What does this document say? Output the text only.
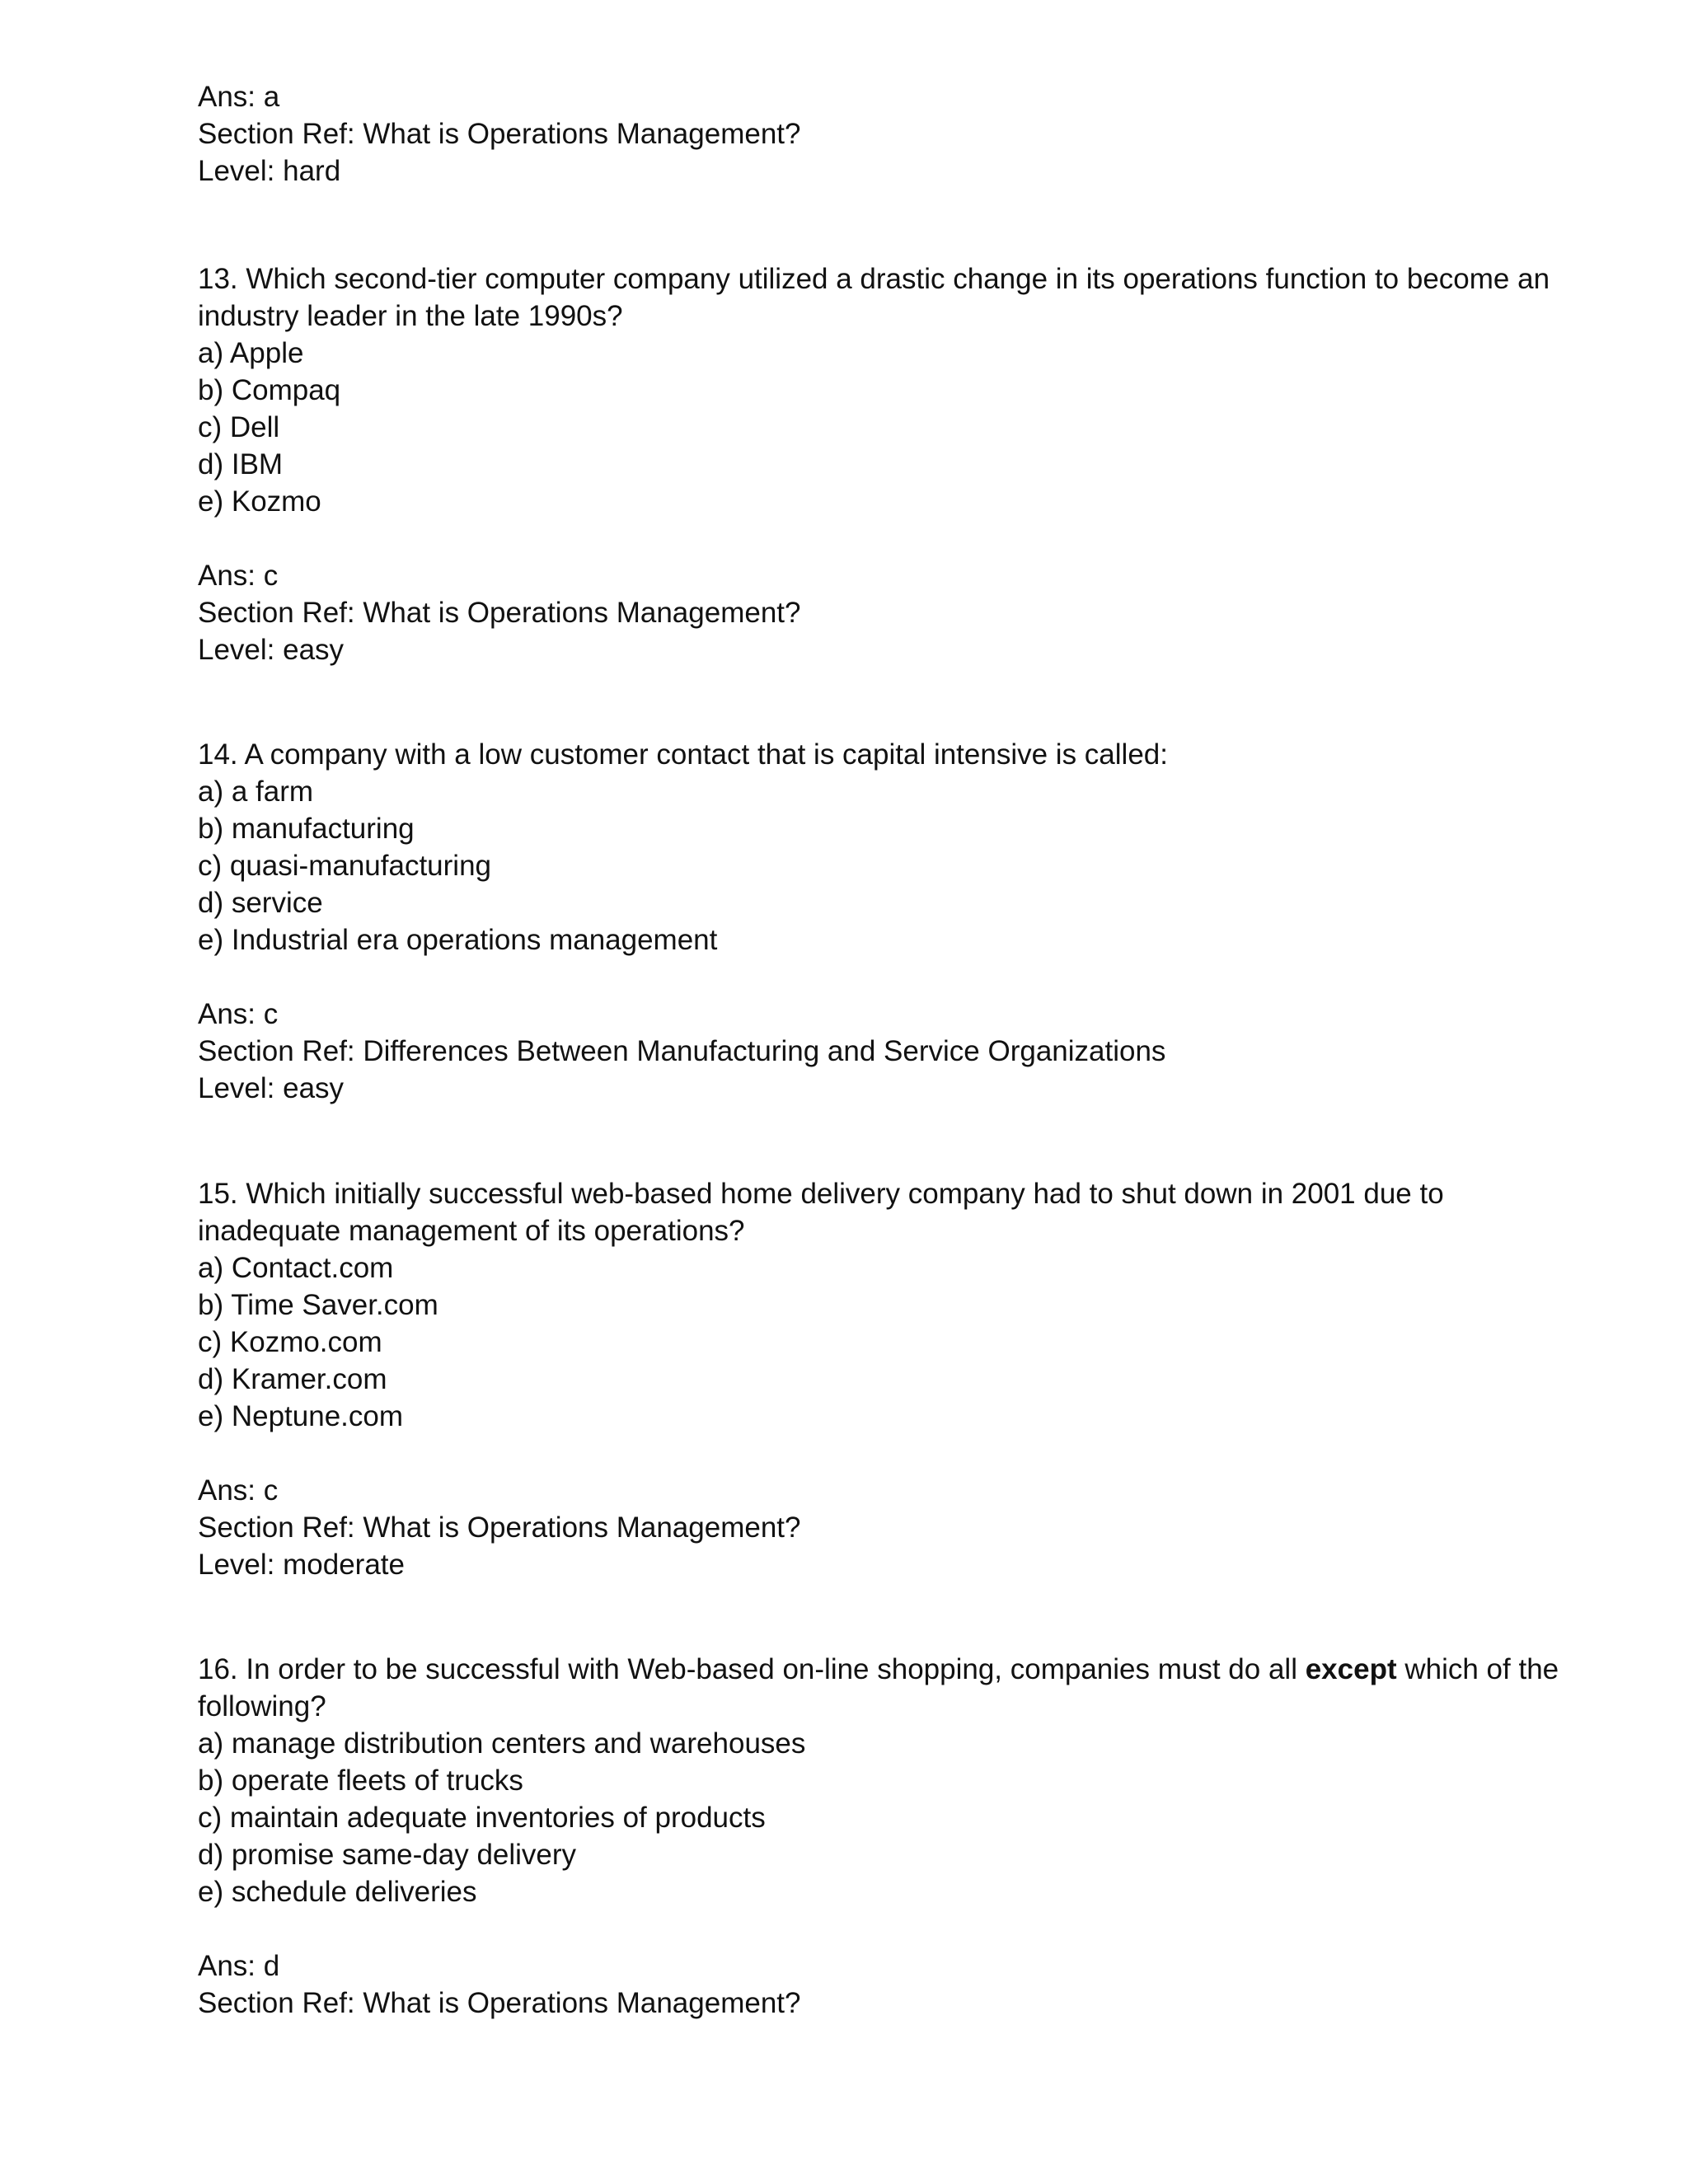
Ans: a
Section Ref: What is Operations Management?
Level: hard
13. Which second-tier computer company utilized a drastic change in its operations function to become an
industry leader in the late 1990s?
a) Apple
b) Compaq
c) Dell
d) IBM
e) Kozmo
Ans: c
Section Ref: What is Operations Management?
Level: easy
14. A company with a low customer contact that is capital intensive is called:
a) a farm
b) manufacturing
c) quasi-manufacturing
d) service
e) Industrial era operations management
Ans: c
Section Ref: Differences Between Manufacturing and Service Organizations
Level: easy
15. Which initially successful web-based home delivery company had to shut down in 2001 due to
inadequate management of its operations?
a) Contact.com
b) Time Saver.com
c) Kozmo.com
d) Kramer.com
e) Neptune.com
Ans: c
Section Ref: What is Operations Management?
Level: moderate
16. In order to be successful with Web-based on-line shopping, companies must do all except which of the
following?
a) manage distribution centers and warehouses
b) operate fleets of trucks
c) maintain adequate inventories of products
d) promise same-day delivery
e) schedule deliveries
Ans: d
Section Ref: What is Operations Management?
